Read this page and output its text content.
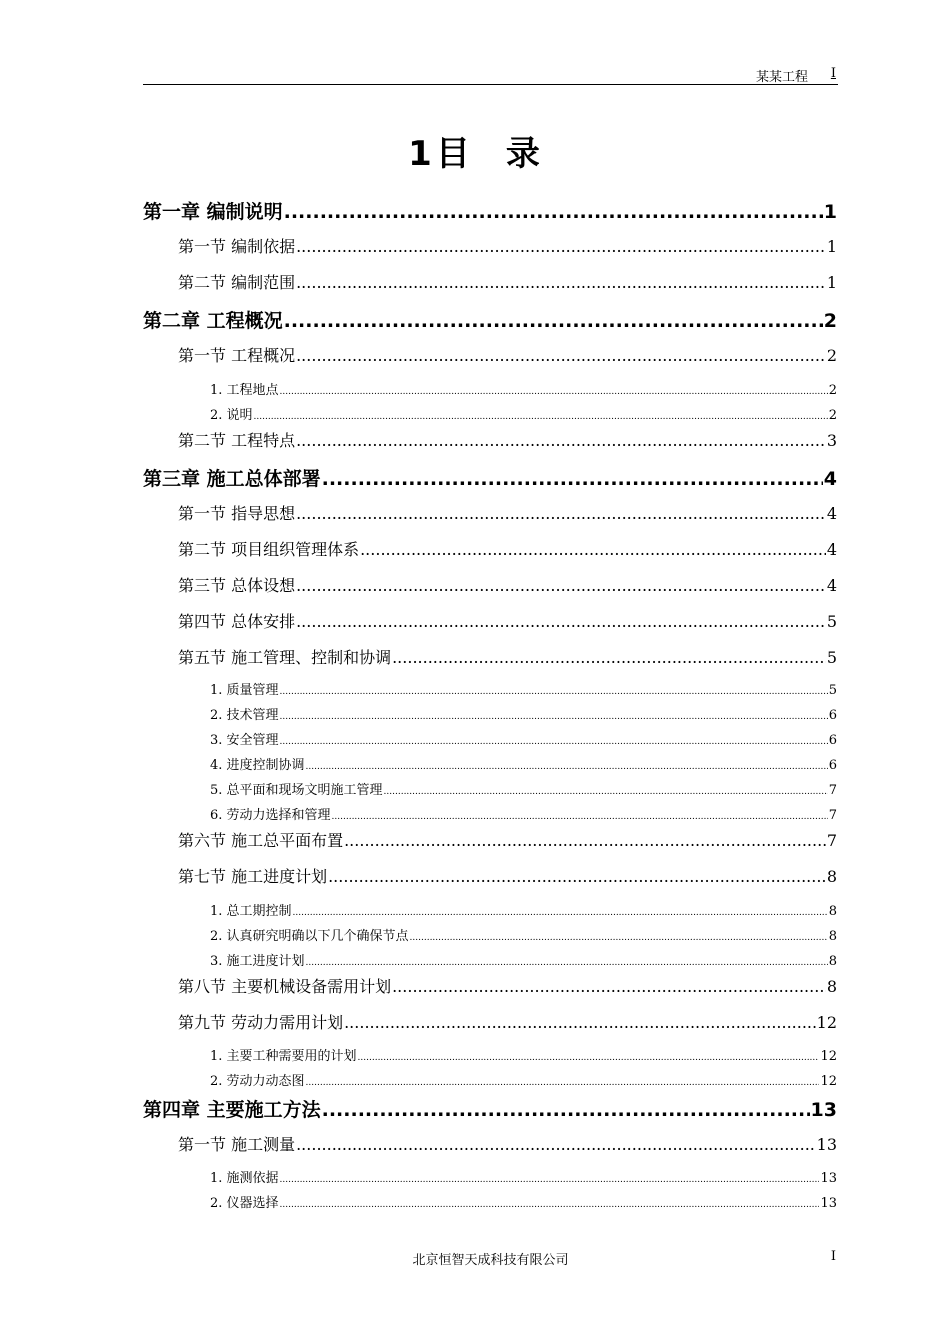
某某工程 I
1目 录
第一章 编制说明 .....	1
第一节 编制依据 .....	1
第二节 编制范围 .....	1
第二章 工程概况 .....	2
第一节 工程概况 .....	2
1. 工程地点 .....	2
2. 说明 .....	2
第二节 工程特点 .....	3
第三章 施工总体部署 .....	4
第一节 指导思想 .....	4
第二节 项目组织管理体系 .....	4
第三节 总体设想 .....	4
第四节 总体安排 .....	5
第五节 施工管理、控制和协调 .....	5
1. 质量管理 .....	5
2. 技术管理 .....	6
3. 安全管理 .....	6
4. 进度控制协调 .....	6
5. 总平面和现场文明施工管理 .....	7
6. 劳动力选择和管理 .....	7
第六节 施工总平面布置 .....	7
第七节 施工进度计划 .....	8
1. 总工期控制 .....	8
2. 认真研究明确以下几个确保节点 .....	8
3. 施工进度计划 .....	8
第八节 主要机械设备需用计划 .....	8
第九节 劳动力需用计划 .....	12
1. 主要工种需要用的计划 .....	12
2. 劳动力动态图 .....	12
第四章 主要施工方法 .....	13
第一节 施工测量 .....	13
1. 施测依据 .....	13
2. 仪器选择 .....	13
北京恒智天成科技有限公司	I
